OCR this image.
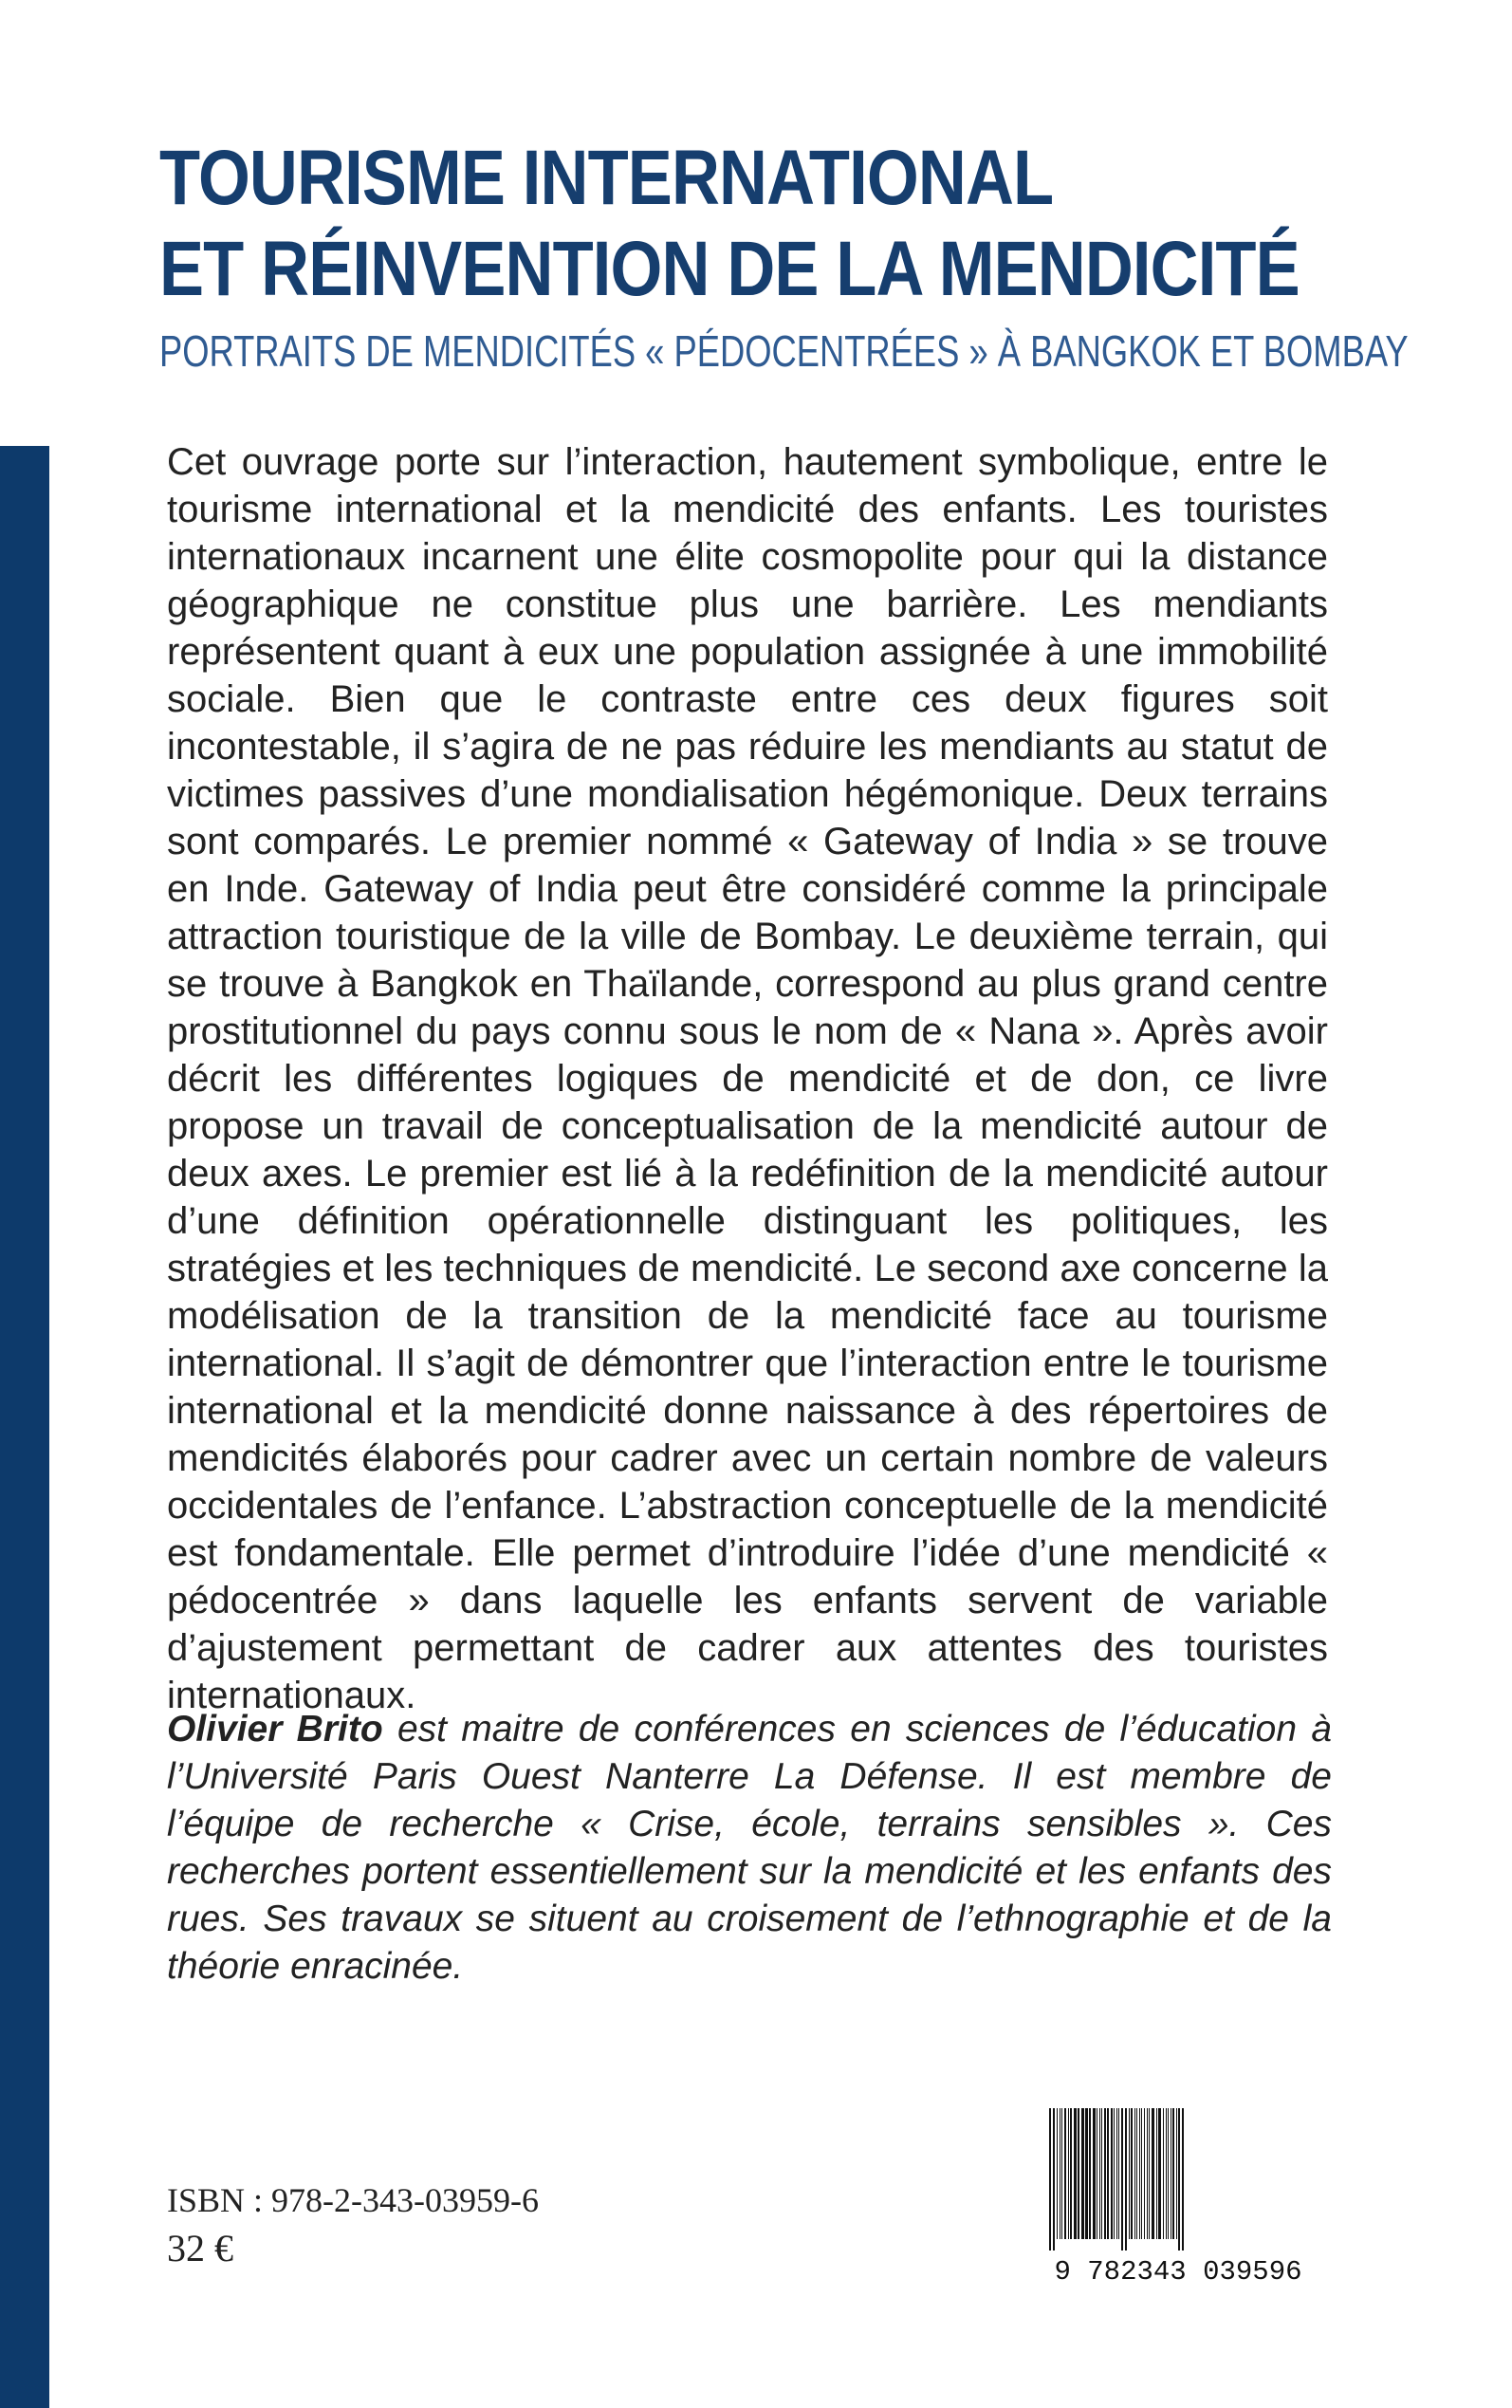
TOURISME INTERNATIONAL
ET RÉINVENTION DE LA MENDICITÉ
PORTRAITS DE MENDICITÉS « PÉDOCENTRÉES » À BANGKOK ET BOMBAY

Cet ouvrage porte sur l’interaction, hautement symbolique, entre le tourisme international et la mendicité des enfants. Les touristes internationaux incarnent une élite cosmopolite pour qui la distance géographique ne constitue plus une barrière. Les mendiants représentent quant à eux une population assignée à une immobilité sociale. Bien que le contraste entre ces deux figures soit incontestable, il s’agira de ne pas réduire les mendiants au statut de victimes passives d’une mondialisation hégémonique. Deux terrains sont comparés. Le premier nommé « Gateway of India » se trouve en Inde. Gateway of India peut être considéré comme la principale attraction touristique de la ville de Bombay. Le deuxième terrain, qui se trouve à Bangkok en Thaïlande, correspond au plus grand centre prostitutionnel du pays connu sous le nom de « Nana ». Après avoir décrit les différentes logiques de mendicité et de don, ce livre propose un travail de conceptualisation de la mendicité autour de deux axes. Le premier est lié à la redéfinition de la mendicité autour d’une définition opérationnelle distinguant les politiques, les stratégies et les techniques de mendicité. Le second axe concerne la modélisation de la transition de la mendicité face au tourisme international. Il s’agit de démontrer que l’interaction entre le tourisme international et la mendicité donne naissance à des répertoires de mendicités élaborés pour cadrer avec un certain nombre de valeurs occidentales de l’enfance. L’abstraction conceptuelle de la mendicité est fondamentale. Elle permet d’introduire l’idée d’une mendicité « pédocentrée » dans laquelle les enfants servent de variable d’ajustement permettant de cadrer aux attentes des touristes internationaux.

Olivier Brito est maitre de conférences en sciences de l’éducation à l’Université Paris Ouest Nanterre La Défense. Il est membre de l’équipe de recherche « Crise, école, terrains sensibles ». Ces recherches portent essentiellement sur la mendicité et les enfants des rues. Ses travaux se situent au croisement de l’ethnographie et de la théorie enracinée.

ISBN : 978-2-343-03959-6
32 €
9 782343 039596
